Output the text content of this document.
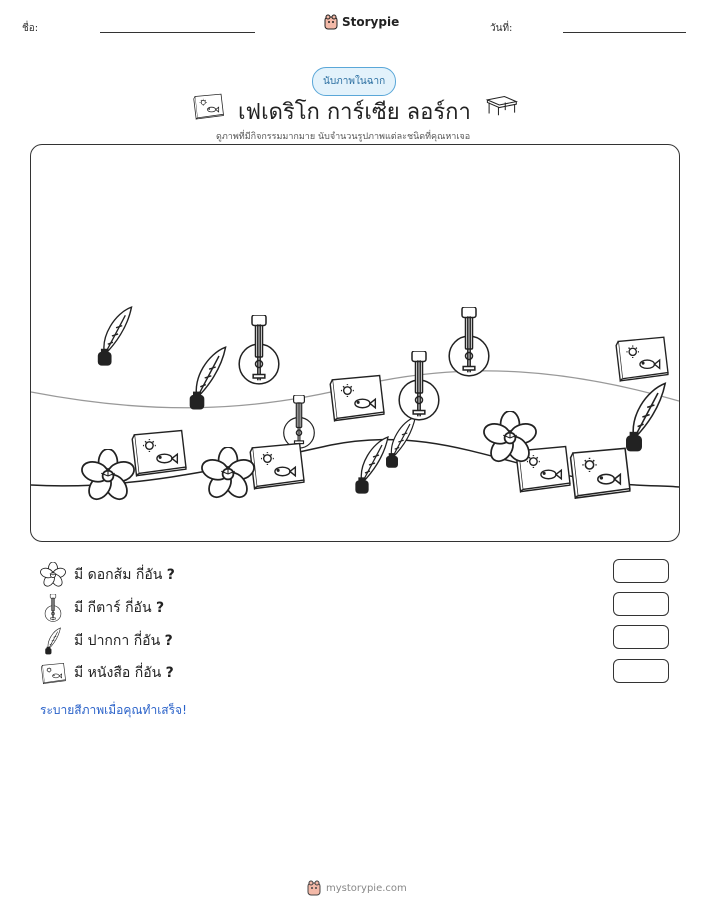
ชื่อ:	Storypie	วันที่:
นับภาพในฉาก
เฟเดริโก การ์เซีย ลอร์กา
ดูภาพที่มีกิจกรรมมากมาย นับจำนวนรูปภาพแต่ละชนิดที่คุณหาเจอ
มี ดอกส้ม กี่อัน ?
มี กีตาร์ กี่อัน ?
มี ปากกา กี่อัน ?
มี หนังสือ กี่อัน ?
ระบายสีภาพเมื่อคุณทำเสร็จ!
mystorypie.com
